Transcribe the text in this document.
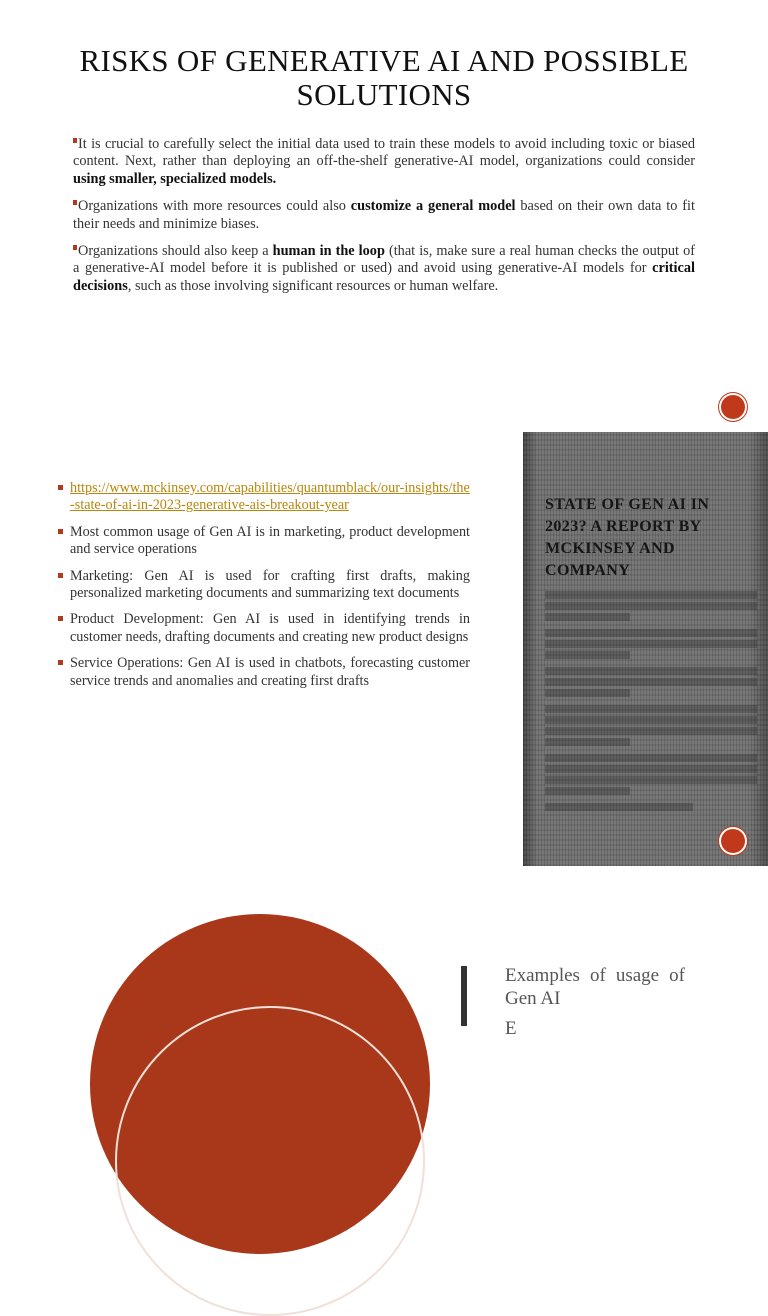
RISKS OF GENERATIVE AI AND POSSIBLE SOLUTIONS

It is crucial to carefully select the initial data used to train these models to avoid including toxic or biased content. Next, rather than deploying an off-the-shelf generative-AI model, organizations could consider using smaller, specialized models.

Organizations with more resources could also customize a general model based on their own data to fit their needs and minimize biases.

Organizations should also keep a human in the loop (that is, make sure a real human checks the output of a generative-AI model before it is published or used) and avoid using generative-AI models for critical decisions, such as those involving significant resources or human welfare.

https://www.mckinsey.com/capabilities/quantumblack/our-insights/the-state-of-ai-in-2023-generative-ais-breakout-year

Most common usage of Gen AI is in marketing, product development and service operations

Marketing: Gen AI is used for crafting first drafts, making personalized marketing documents and summarizing text documents

Product Development: Gen AI is used in identifying trends in customer needs, drafting documents and creating new product designs

Service Operations: Gen AI is used in chatbots, forecasting customer service trends and anomalies and creating first drafts

STATE OF GEN AI IN 2023? A REPORT BY MCKINSEY AND COMPANY
Examples of usage of Gen AI
E
